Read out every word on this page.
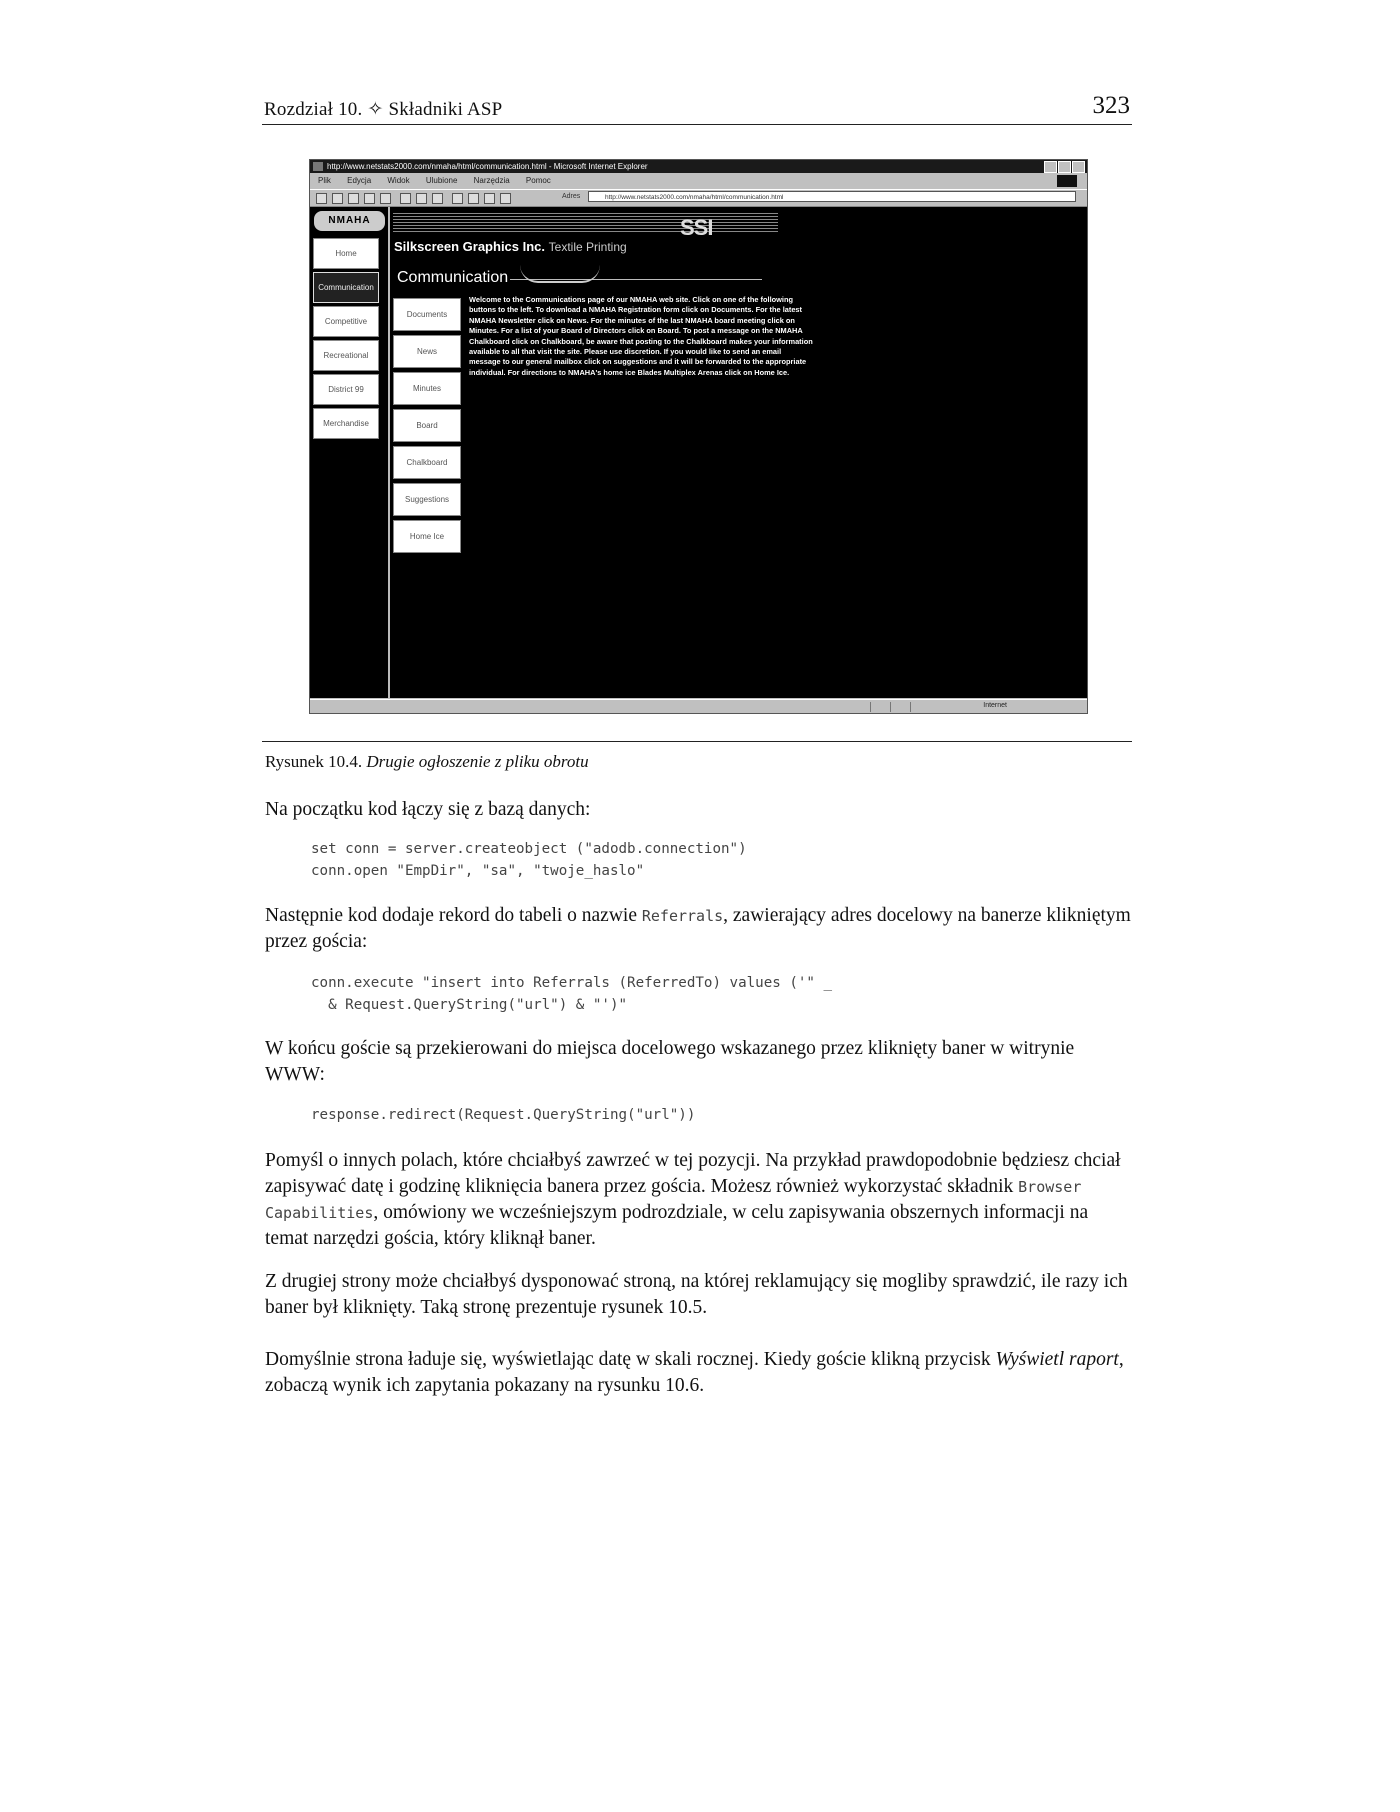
Rozdział 10. ✧ Składniki ASP	323
http://www.netstats2000.com/nmaha/html/communication.html - Microsoft Internet Explorer
Plik Edycja Widok Ulubione Narzędzia Pomoc
Adres	http://www.netstats2000.com/nmaha/html/communication.html
NMAHA
Home
Communication
Competitive
Recreational
District 99
Merchandise
SSI
Silkscreen Graphics Inc. Textile Printing
Communication
Documents
News
Minutes
Board
Chalkboard
Suggestions
Home Ice
Welcome to the Communications page of our NMAHA web site. Click on one of the following buttons to the left. To download a NMAHA Registration form click on Documents. For the latest NMAHA Newsletter click on News. For the minutes of the last NMAHA board meeting click on Minutes. For a list of your Board of Directors click on Board. To post a message on the NMAHA Chalkboard click on Chalkboard, be aware that posting to the Chalkboard makes your information available to all that visit the site. Please use discretion. If you would like to send an email message to our general mailbox click on suggestions and it will be forwarded to the appropriate individual. For directions to NMAHA's home ice Blades Multiplex Arenas click on Home Ice.
Internet
Rysunek 10.4. Drugie ogłoszenie z pliku obrotu
Na początku kod łączy się z bazą danych:
set conn = server.createobject ("adodb.connection")
conn.open "EmpDir", "sa", "twoje_haslo"
Następnie kod dodaje rekord do tabeli o nazwie Referrals, zawierający adres docelowy na banerze klikniętym przez gościa:
conn.execute "insert into Referrals (ReferredTo) values ('" _
& Request.QueryString("url") & "')"
W końcu goście są przekierowani do miejsca docelowego wskazanego przez kliknięty baner w witrynie WWW:
response.redirect(Request.QueryString("url"))
Pomyśl o innych polach, które chciałbyś zawrzeć w tej pozycji. Na przykład prawdopodobnie będziesz chciał zapisywać datę i godzinę kliknięcia banera przez gościa. Możesz również wykorzystać składnik Browser Capabilities, omówiony we wcześniejszym podrozdziale, w celu zapisywania obszernych informacji na temat narzędzi gościa, który kliknął baner.
Z drugiej strony może chciałbyś dysponować stroną, na której reklamujący się mogliby sprawdzić, ile razy ich baner był kliknięty. Taką stronę prezentuje rysunek 10.5.
Domyślnie strona ładuje się, wyświetlając datę w skali rocznej. Kiedy goście klikną przycisk Wyświetl raport, zobaczą wynik ich zapytania pokazany na rysunku 10.6.
